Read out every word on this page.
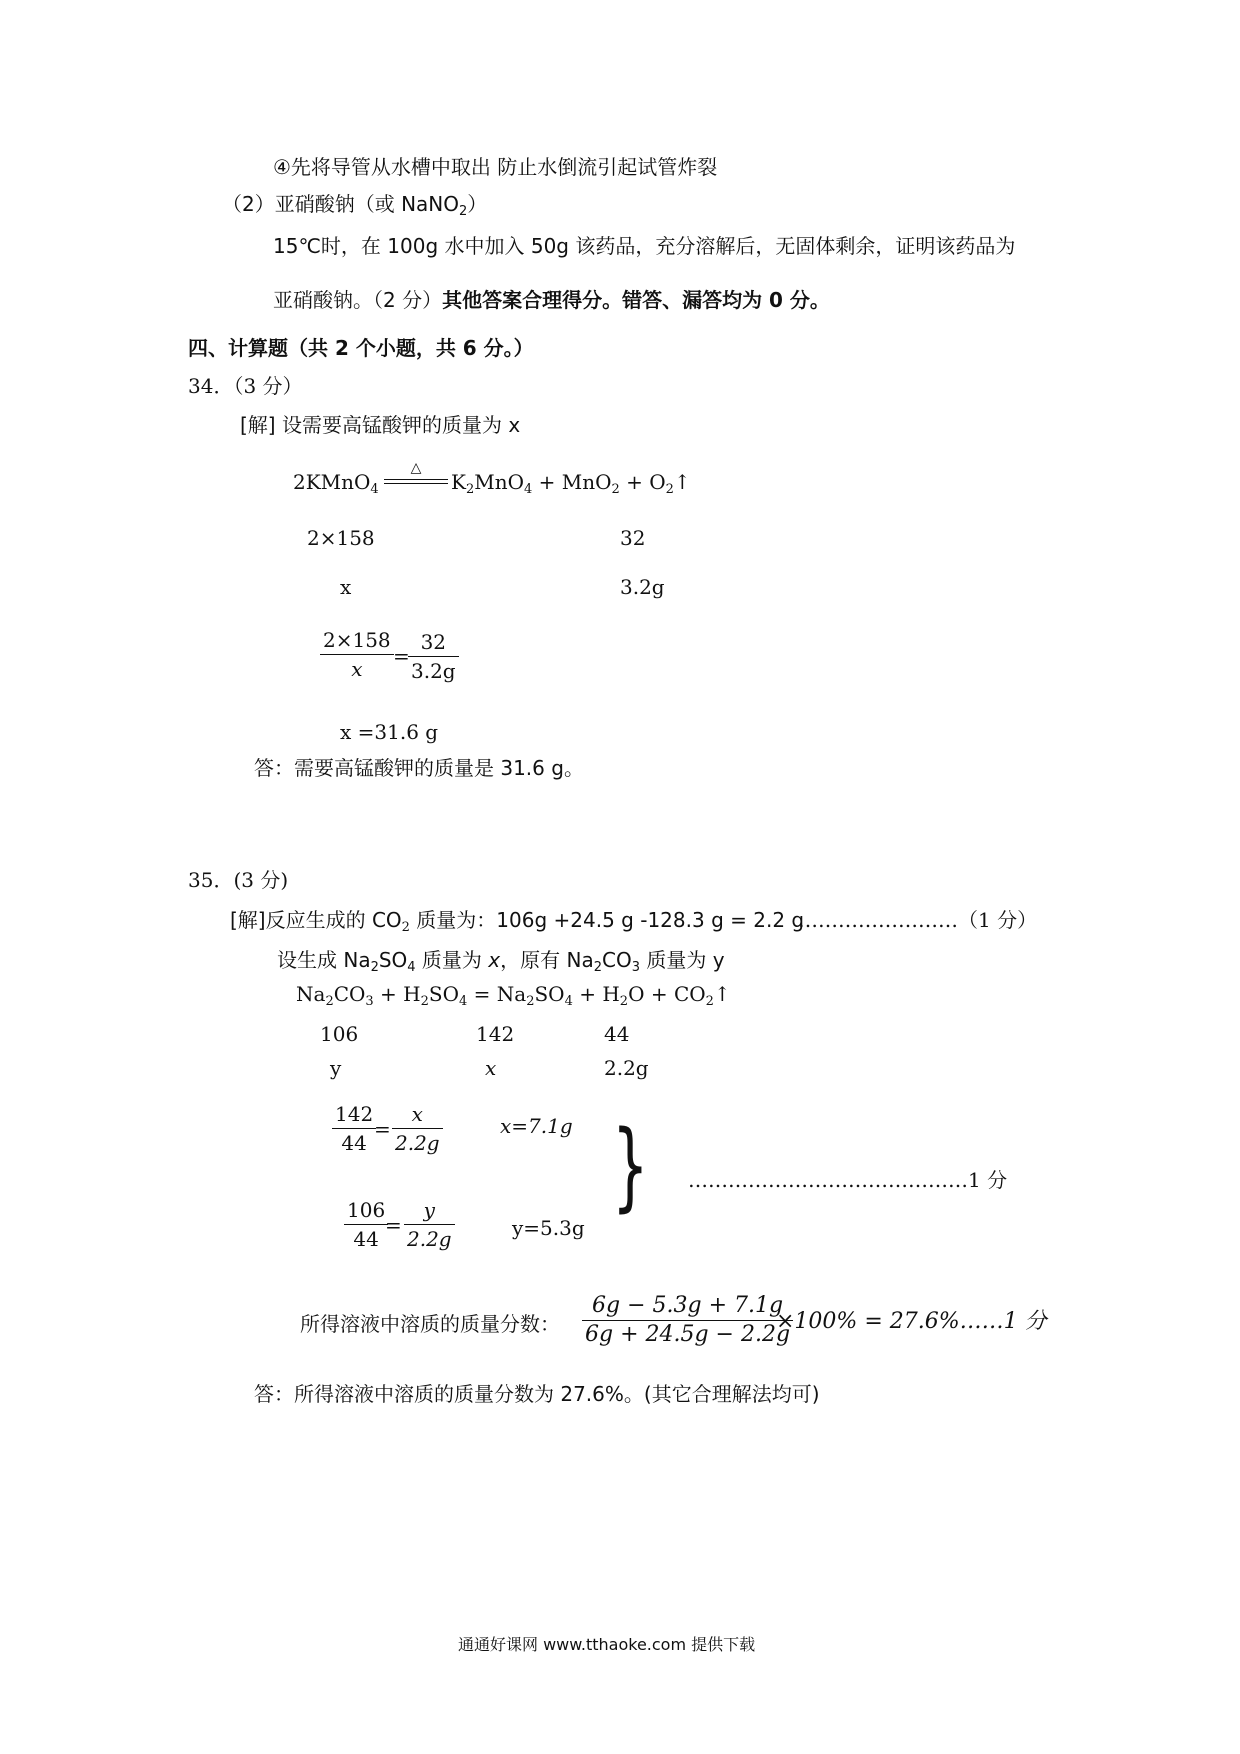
④先将导管从水槽中取出 防止水倒流引起试管炸裂
（2）亚硝酸钠（或 NaNO$_2$）
15℃时，在 100g 水中加入 50g 该药品，充分溶解后，无固体剩余，证明该药品为
亚硝酸钠。（2 分）其他答案合理得分。错答、漏答均为 0 分。
四、计算题（共 2 个小题，共 6 分。）
34．（3 分）
[解] 设需要高锰酸钾的质量为 x
2KMnO$_4$
△
$K_2MnO_4 + MnO_2$ + $O_2↑$
2×158	32
x	3.2g
2×158
x
=
32
3.2g
x =31.6 g
答：需要高锰酸钾的质量是 31.6 g。
35．(3 分)
[解]反应生成的 $CO_2$ 质量为：106g +24.5 g -128.3 g = 2.2 g
……………………（1 分）
设生成 $Na_2SO_4$ 质量为 x，原有 $Na_2CO_3$ 质量为 y
$Na_2CO_3 + H_2SO_4 = Na_2SO_4 + H_2O$ + $CO_2↑$
106	142	44
y	x	2.2g
142
44
=
x
2.2g
x=7.1g
106
44
=
y
2.2g	y=5.3g
} ……………………………………1 分
所得溶液中溶质的质量分数：
6g − 5.3g + 7.1g
6g + 24.5g − 2.2g
×100% = 27.6%……1 分
答：所得溶液中溶质的质量分数为 27.6%。(其它合理解法均可)
通通好课网 www.tthaoke.com 提供下载
